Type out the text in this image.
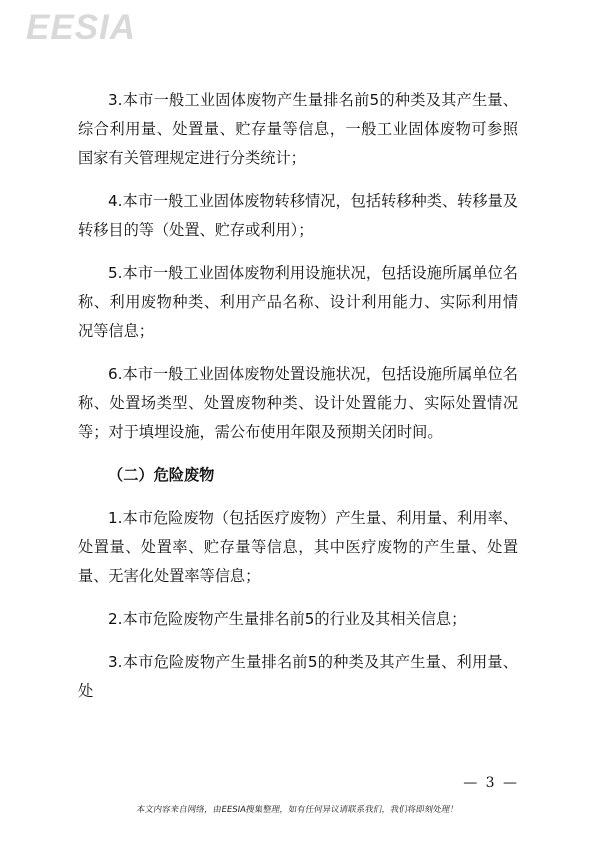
EESIA

3.本市一般工业固体废物产生量排名前5的种类及其产生量、综合利用量、处置量、贮存量等信息，一般工业固体废物可参照国家有关管理规定进行分类统计；

4.本市一般工业固体废物转移情况，包括转移种类、转移量及转移目的等（处置、贮存或利用）；

5.本市一般工业固体废物利用设施状况，包括设施所属单位名称、利用废物种类、利用产品名称、设计利用能力、实际利用情况等信息；

6.本市一般工业固体废物处置设施状况，包括设施所属单位名称、处置场类型、处置废物种类、设计处置能力、实际处置情况等；对于填埋设施，需公布使用年限及预期关闭时间。

（二）危险废物

1.本市危险废物（包括医疗废物）产生量、利用量、利用率、处置量、处置率、贮存量等信息，其中医疗废物的产生量、处置量、无害化处置率等信息；

2.本市危险废物产生量排名前5的行业及其相关信息；

3.本市危险废物产生量排名前5的种类及其产生量、利用量、处

— 3 —
本文内容来自网络，由EESIA搜集整理，如有任何异议请联系我们，我们将即刻处理！
